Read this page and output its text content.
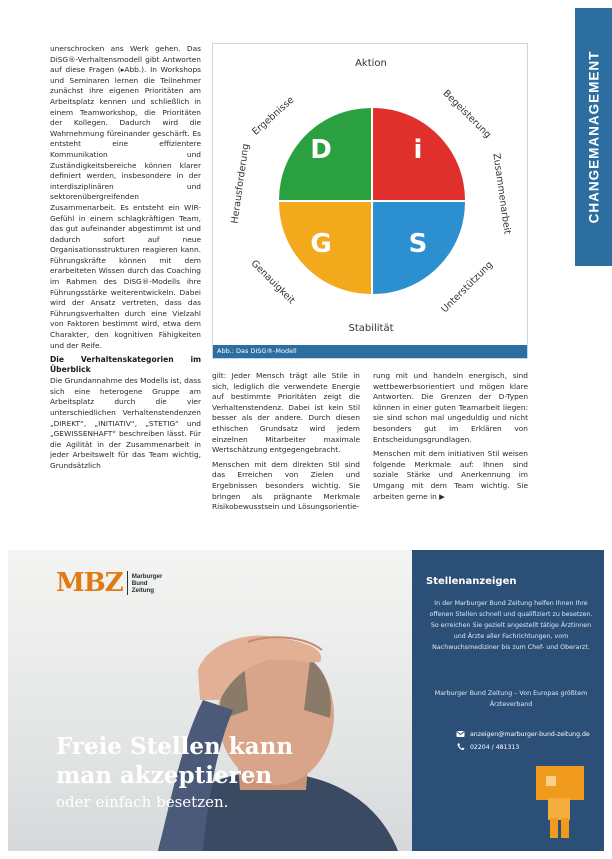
CHANGEMANAGEMENT
D	i
G	S
Aktion
Stabilität
Ergebnisse	Begeisterung
Herausforderung	Zusammenarbeit
Genauigkeit	Unterstützung
Abb.: Das DISG®-Modell

unerschrocken ans Werk gehen. Das DiSG®-Verhaltensmodell gibt Antworten auf diese Fragen (▸Abb.). In Workshops und Seminaren lernen die Teilnehmer zunächst ihre eigenen Prioritäten am Arbeitsplatz kennen und schließlich in einem Teamworkshop, die Prioritäten der Kollegen. Dadurch wird die Wahrnehmung füreinander geschärft. Es entsteht eine effizientere Kommunikation und Zuständigkeitsbereiche können klarer definiert werden, insbesondere in der interdisziplinären und sektorenübergreifenden Zusammenarbeit. Es entsteht ein WIR-Gefühl in einem schlagkräftigen Team, das gut aufeinander abgestimmt ist und dadurch sofort auf neue Organisationsstrukturen reagieren kann. Führungskräfte können mit dem erarbeiteten Wissen durch das Coaching im Rahmen des DiSG®-Modells ihre Führungsstärke weiterentwickeln. Dabei wird der Ansatz vertreten, dass das Führungsverhalten durch eine Vielzahl von Faktoren bestimmt wird, etwa dem Charakter, den kognitiven Fähigkeiten und der Reife.

Die Verhaltenskategorien im Überblick

Die Grundannahme des Modells ist, dass sich eine heterogene Gruppe am Arbeitsplatz durch die vier unterschiedlichen Verhaltenstendenzen „DIREKT“, „INITIATIV“, „STETIG“ und „GEWISSENHAFT“ beschreiben lässt. Für die Agilität in der Zusammenarbeit in jeder Arbeitswelt für das Team wichtig, Grundsätzlich

gilt: Jeder Mensch trägt alle Stile in sich, lediglich die verwendete Energie auf bestimmte Prioritäten zeigt die Verhaltenstendenz. Dabei ist kein Stil besser als der andere. Durch diesen ethischen Grundsatz wird jedem einzelnen Mitarbeiter maximale Wertschätzung entgegengebracht.

Menschen mit dem direkten Stil sind das Erreichen von Zielen und Ergebnissen besonders wichtig. Sie bringen als prägnante Merkmale Risikobewusstsein und Lösungsorientie-

rung mit und handeln energisch, sind wettbewerbsorientiert und mögen klare Antworten. Die Grenzen der D-Typen können in einer guten Teamarbeit liegen: sie sind schon mal ungeduldig und nicht besonders gut im Erklären von Entscheidungsgrundlagen.

Menschen mit dem initiativen Stil weisen folgende Merkmale auf: Ihnen sind soziale Stärke und Anerkennung im Umgang mit dem Team wichtig. Sie arbeiten gerne in ▶

MBZ Marburger
Bund
Zeitung
Freie Stellen kann
man akzeptieren
oder einfach besetzen.
Stellenanzeigen
In der Marburger Bund Zeitung helfen Ihnen Ihre offenen Stellen schnell und qualifiziert zu besetzen. So erreichen Sie gezielt angestellt tätige Ärztinnen und Ärzte aller Fachrichtungen, vom Nachwuchsmediziner bis zum Chef- und Oberarzt.
Marburger Bund Zeitung – Von Europas größtem Ärzteverband
anzeigen@marburger-bund-zeitung.de
02204 / 481313
